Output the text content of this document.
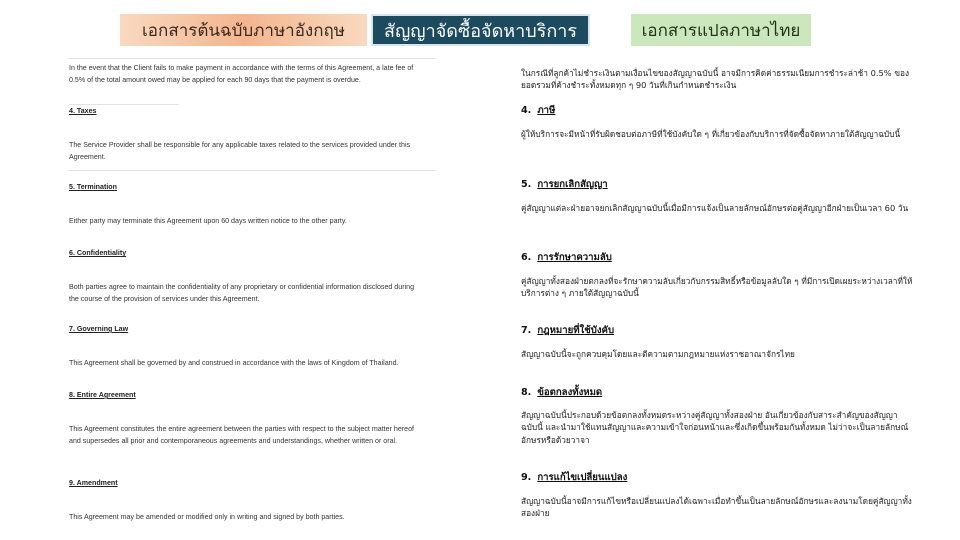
เอกสารต้นฉบับภาษาอังกฤษ	สัญญาจัดซื้อจัดหาบริการ	เอกสารแปลภาษาไทย
In the event that the Client fails to make payment in accordance with the terms of this Agreement, a late fee of 0.5% of the total amount owed may be applied for each 90 days that the payment is overdue.
4. Taxes
The Service Provider shall be responsible for any applicable taxes related to the services provided under this Agreement.
5. Termination
Either party may terminate this Agreement upon 60 days written notice to the other party.
6. Confidentiality
Both parties agree to maintain the confidentiality of any proprietary or confidential information disclosed during the course of the provision of services under this Agreement.
7. Governing Law
This Agreement shall be governed by and construed in accordance with the laws of Kingdom of Thailand.
8. Entire Agreement
This Agreement constitutes the entire agreement between the parties with respect to the subject matter hereof and supersedes all prior and contemporaneous agreements and understandings, whether written or oral.
9. Amendment
This Agreement may be amended or modified only in writing and signed by both parties.
ในกรณีที่ลูกค้าไม่ชำระเงินตามเงื่อนไขของสัญญาฉบับนี้ อาจมีการคิดค่าธรรมเนียมการชำระล่าช้า 0.5% ของยอดรวมที่ค้างชำระทั้งหมดทุก ๆ 90 วันที่เกินกำหนดชำระเงิน
4. ภาษี
ผู้ให้บริการจะมีหน้าที่รับผิดชอบต่อภาษีที่ใช้บังคับใด ๆ ที่เกี่ยวข้องกับบริการที่จัดซื้อจัดหาภายใต้สัญญาฉบับนี้
5. การยกเลิกสัญญา
คู่สัญญาแต่ละฝ่ายอาจยกเลิกสัญญาฉบับนี้เมื่อมีการแจ้งเป็นลายลักษณ์อักษรต่อคู่สัญญาอีกฝ่ายเป็นเวลา 60 วัน
6. การรักษาความลับ
คู่สัญญาทั้งสองฝ่ายตกลงที่จะรักษาความลับเกี่ยวกับกรรมสิทธิ์หรือข้อมูลลับใด ๆ ที่มีการเปิดเผยระหว่างเวลาที่ให้บริการต่าง ๆ ภายใต้สัญญาฉบับนี้
7. กฎหมายที่ใช้บังคับ
สัญญาฉบับนี้จะถูกควบคุมโดยและตีความตามกฎหมายแห่งราชอาณาจักรไทย
8. ข้อตกลงทั้งหมด
สัญญาฉบับนี้ประกอบด้วยข้อตกลงทั้งหมดระหว่างคู่สัญญาทั้งสองฝ่าย อันเกี่ยวข้องกับสาระสำคัญของสัญญาฉบับนี้ และนำมาใช้แทนสัญญาและความเข้าใจก่อนหน้าและซึ่งเกิดขึ้นพร้อมกันทั้งหมด ไม่ว่าจะเป็นลายลักษณ์อักษรหรือด้วยวาจา
9. การแก้ไขเปลี่ยนแปลง
สัญญาฉบับนี้อาจมีการแก้ไขหรือเปลี่ยนแปลงได้เฉพาะเมื่อทำขึ้นเป็นลายลักษณ์อักษรและลงนามโดยคู่สัญญาทั้งสองฝ่าย
